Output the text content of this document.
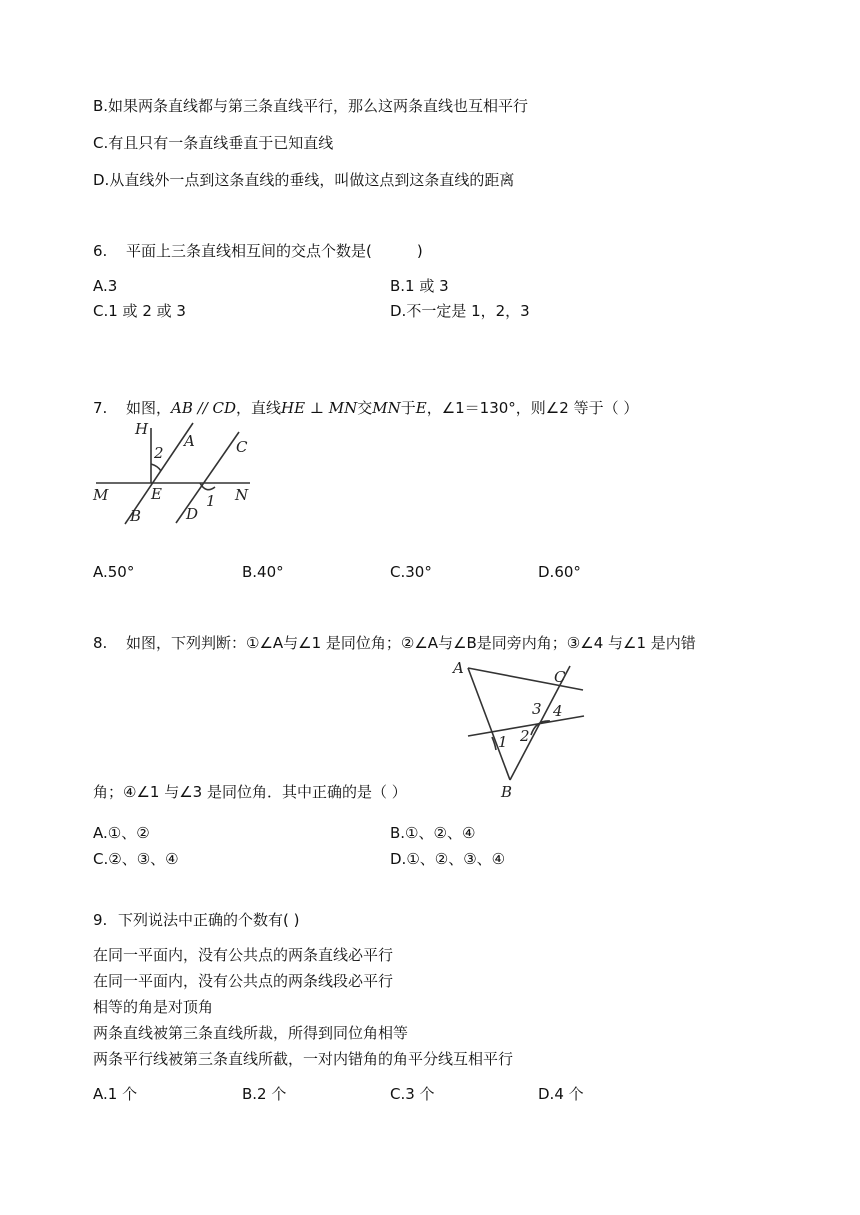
B.如果两条直线都与第三条直线平行，那么这两条直线也互相平行
C.有且只有一条直线垂直于已知直线
D.从直线外一点到这条直线的垂线，叫做这点到这条直线的距离
6. 平面上三条直线相互间的交点个数是(　　　)
A.3	B.1 或 3
C.1 或 2 或 3	D.不一定是 1，2，3
7. 如图，AB // CD，直线HE ⊥ MN交MN于E，∠1＝130°，则∠2 等于（ ）
H
2
A	C
M	E	1 N
B	D
A.50°	B.40°	C.30°	D.60°
8. 如图，下列判断：①∠A与∠1 是同位角；②∠A与∠B是同旁内角；③∠4 与∠1 是内错
A	C
3 4
1 2
B
角；④∠1 与∠3 是同位角．其中正确的是（ ）
A.①、②	B.①、②、④
C.②、③、④	D.①、②、③、④
9. 下列说法中正确的个数有( )
在同一平面内，没有公共点的两条直线必平行
在同一平面内，没有公共点的两条线段必平行
相等的角是对顶角
两条直线被第三条直线所裁，所得到同位角相等
两条平行线被第三条直线所截，一对内错角的角平分线互相平行
A.1 个	B.2 个	C.3 个	D.4 个
